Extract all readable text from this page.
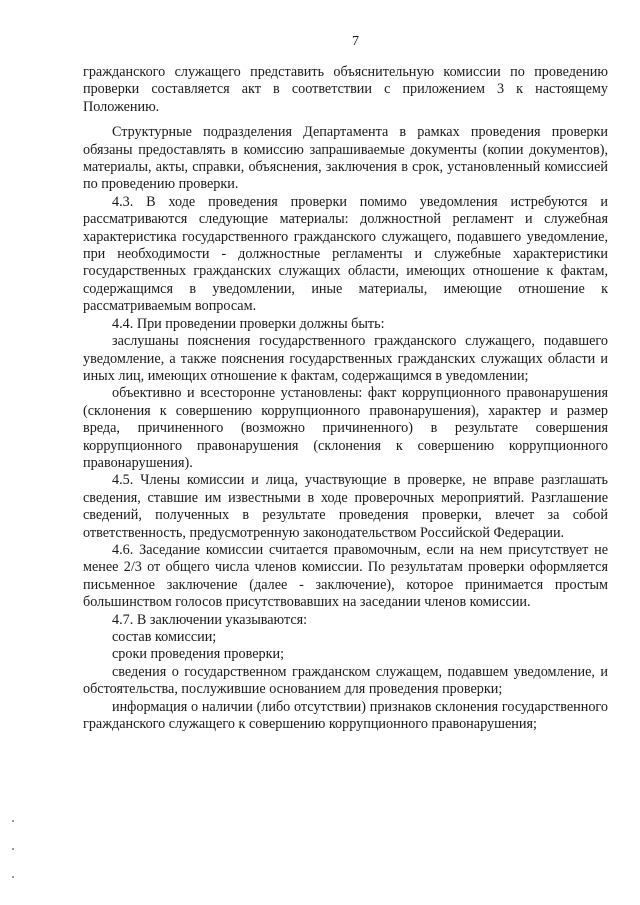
7

гражданского служащего представить объяснительную комиссии по проведению проверки составляется акт в соответствии с приложением 3 к настоящему Положению.

Структурные подразделения Департамента в рамках проведения проверки обязаны предоставлять в комиссию запрашиваемые документы (копии документов), материалы, акты, справки, объяснения, заключения в срок, установленный комиссией по проведению проверки.

4.3. В ходе проведения проверки помимо уведомления истребуются и рассматриваются следующие материалы: должностной регламент и служебная характеристика государственного гражданского служащего, подавшего уведомление, при необходимости - должностные регламенты и служебные характеристики государственных гражданских служащих области, имеющих отношение к фактам, содержащимся в уведомлении, иные материалы, имеющие отношение к рассматриваемым вопросам.

4.4. При проведении проверки должны быть:

заслушаны пояснения государственного гражданского служащего, подавшего уведомление, а также пояснения государственных гражданских служащих области и иных лиц, имеющих отношение к фактам, содержащимся в уведомлении;

объективно и всесторонне установлены: факт коррупционного правонарушения (склонения к совершению коррупционного правонарушения), характер и размер вреда, причиненного (возможно причиненного) в результате совершения коррупционного правонарушения (склонения к совершению коррупционного правонарушения).

4.5. Члены комиссии и лица, участвующие в проверке, не вправе разглашать сведения, ставшие им известными в ходе проверочных мероприятий. Разглашение сведений, полученных в результате проведения проверки, влечет за собой ответственность, предусмотренную законодательством Российской Федерации.

4.6. Заседание комиссии считается правомочным, если на нем присутствует не менее 2/3 от общего числа членов комиссии. По результатам проверки оформляется письменное заключение (далее - заключение), которое принимается простым большинством голосов присутствовавших на заседании членов комиссии.

4.7. В заключении указываются:

состав комиссии;

сроки проведения проверки;

сведения о государственном гражданском служащем, подавшем уведомление, и обстоятельства, послужившие основанием для проведения проверки;

информация о наличии (либо отсутствии) признаков склонения государственного гражданского служащего к совершению коррупционного правонарушения;
